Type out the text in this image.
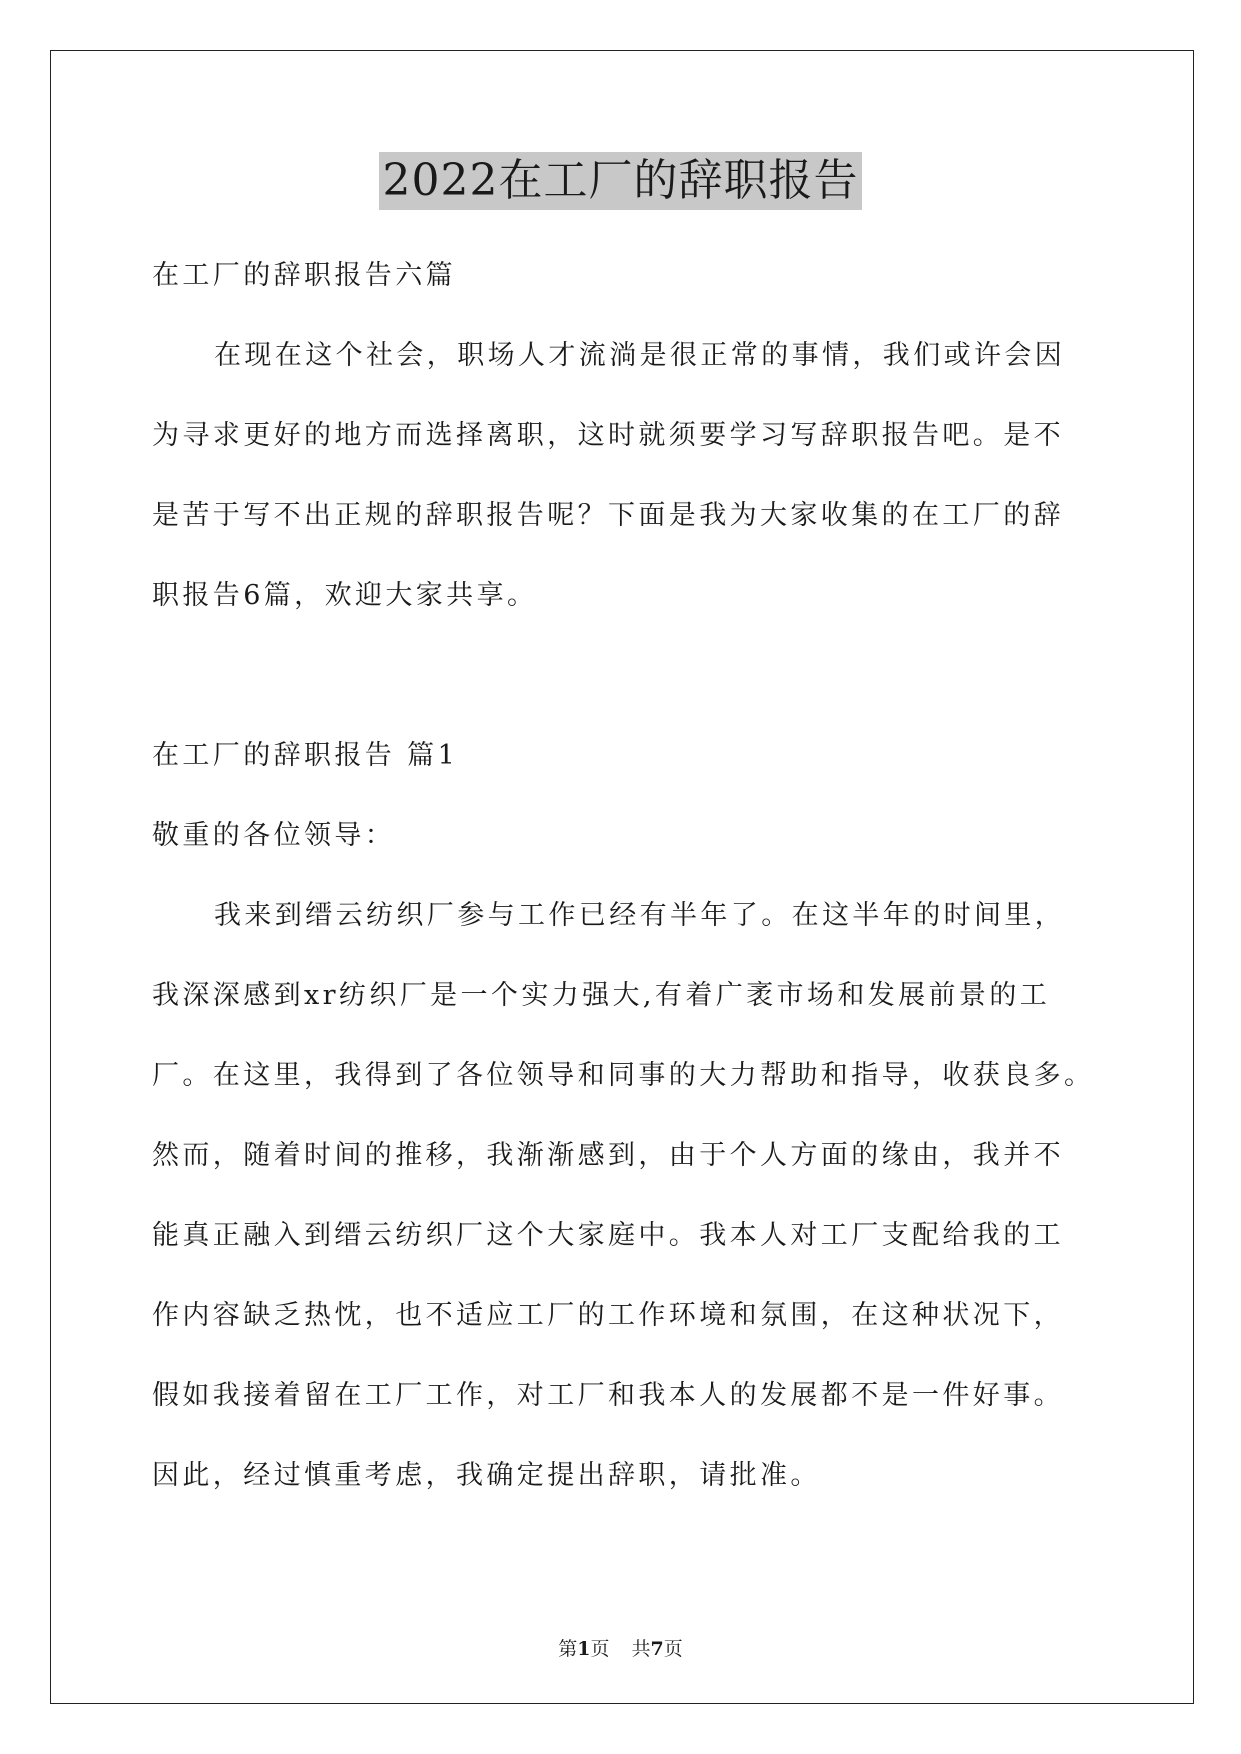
2022在工厂的辞职报告
在工厂的辞职报告六篇
在现在这个社会，职场人才流淌是很正常的事情，我们或许会因
为寻求更好的地方而选择离职，这时就须要学习写辞职报告吧。是不
是苦于写不出正规的辞职报告呢？下面是我为大家收集的在工厂的辞
职报告6篇，欢迎大家共享。
在工厂的辞职报告 篇1
敬重的各位领导：
我来到缙云纺织厂参与工作已经有半年了。在这半年的时间里，
我深深感到xr纺织厂是一个实力强大,有着广袤市场和发展前景的工
厂。在这里，我得到了各位领导和同事的大力帮助和指导，收获良多。
然而，随着时间的推移，我渐渐感到，由于个人方面的缘由，我并不
能真正融入到缙云纺织厂这个大家庭中。我本人对工厂支配给我的工
作内容缺乏热忱，也不适应工厂的工作环境和氛围，在这种状况下，
假如我接着留在工厂工作，对工厂和我本人的发展都不是一件好事。
因此，经过慎重考虑，我确定提出辞职，请批准。
第1页 共7页
